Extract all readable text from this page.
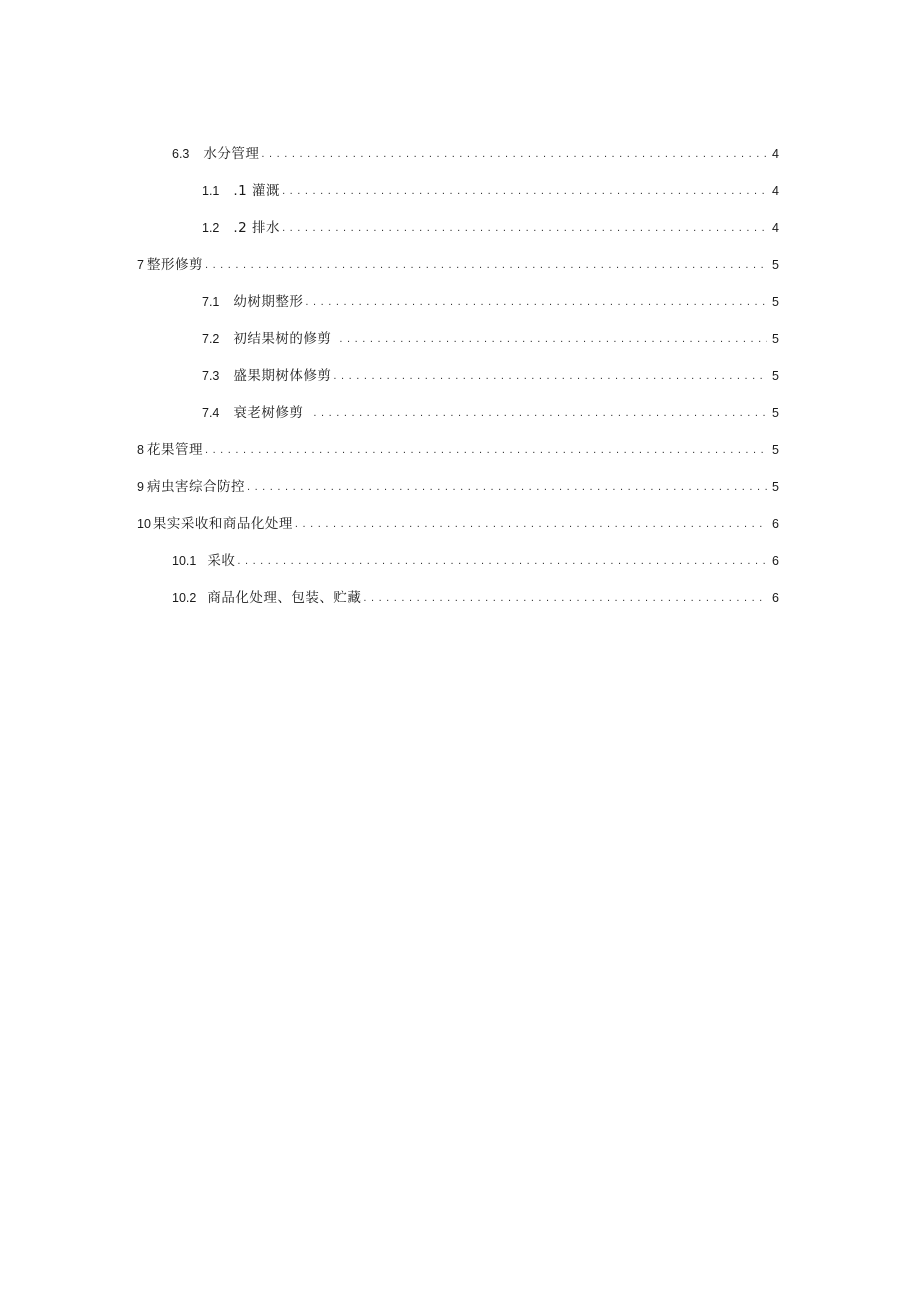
6.3 水分管理 . . .	4
1.1 .1 灌溉 . . .	4
1.2 .2 排水 . . .	4
7 整形修剪 . . .	5
7.1 幼树期整形 . . .	5
7.2 初结果树的修剪 . . .	5
7.3 盛果期树体修剪 . . .	5
7.4 衰老树修剪 . . .	5
8 花果管理 . . .	5
9 病虫害综合防控 . . .	5
10 果实采收和商品化处理 . . .	6
10.1 采收 . . .	6
10.2 商品化处理、包装、贮藏 . . .	6
